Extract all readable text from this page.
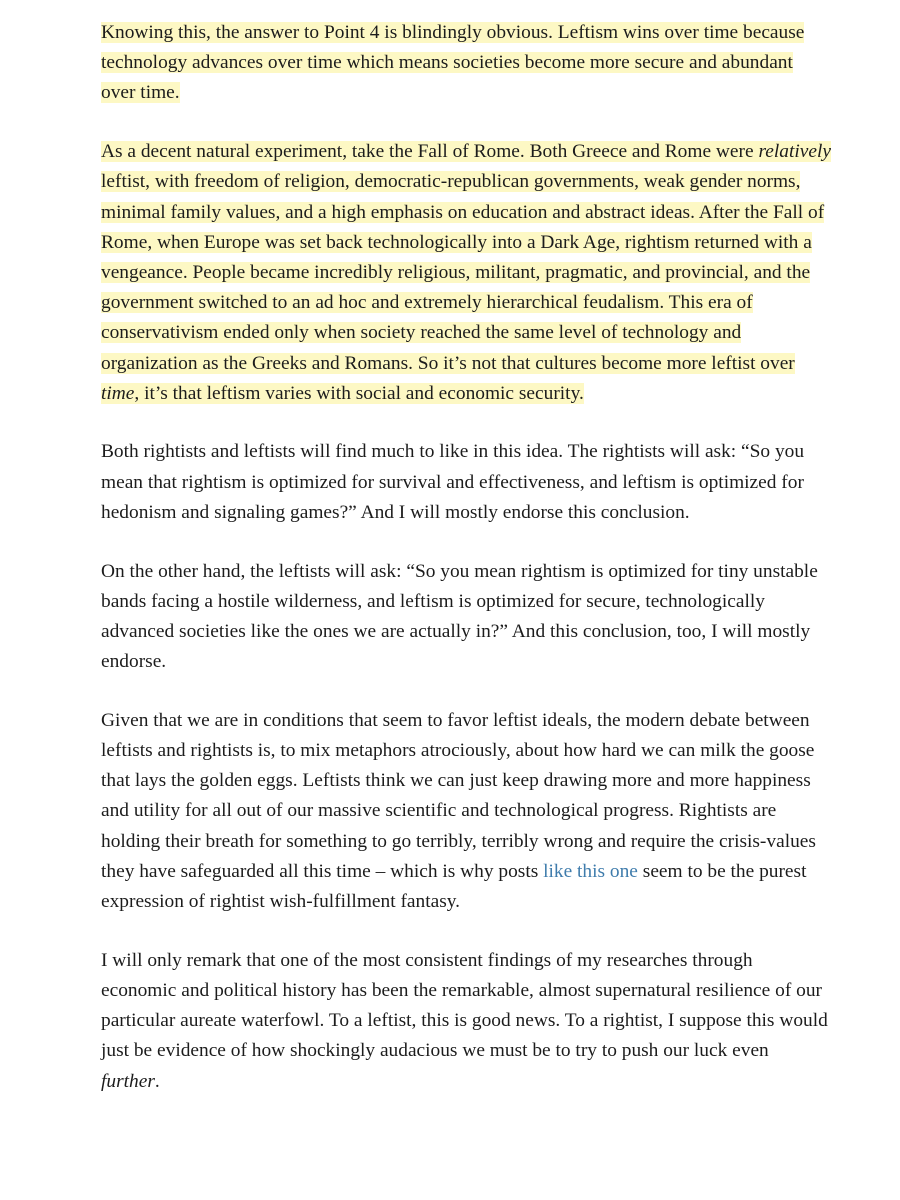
Knowing this, the answer to Point 4 is blindingly obvious. Leftism wins over time because technology advances over time which means societies become more secure and abundant over time.

As a decent natural experiment, take the Fall of Rome. Both Greece and Rome were relatively leftist, with freedom of religion, democratic-republican governments, weak gender norms, minimal family values, and a high emphasis on education and abstract ideas. After the Fall of Rome, when Europe was set back technologically into a Dark Age, rightism returned with a vengeance. People became incredibly religious, militant, pragmatic, and provincial, and the government switched to an ad hoc and extremely hierarchical feudalism. This era of conservativism ended only when society reached the same level of technology and organization as the Greeks and Romans. So it’s not that cultures become more leftist over time, it’s that leftism varies with social and economic security.

Both rightists and leftists will find much to like in this idea. The rightists will ask: “So you mean that rightism is optimized for survival and effectiveness, and leftism is optimized for hedonism and signaling games?” And I will mostly endorse this conclusion.

On the other hand, the leftists will ask: “So you mean rightism is optimized for tiny unstable bands facing a hostile wilderness, and leftism is optimized for secure, technologically advanced societies like the ones we are actually in?” And this conclusion, too, I will mostly endorse.

Given that we are in conditions that seem to favor leftist ideals, the modern debate between leftists and rightists is, to mix metaphors atrociously, about how hard we can milk the goose that lays the golden eggs. Leftists think we can just keep drawing more and more happiness and utility for all out of our massive scientific and technological progress. Rightists are holding their breath for something to go terribly, terribly wrong and require the crisis-values they have safeguarded all this time – which is why posts like this one seem to be the purest expression of rightist wish-fulfillment fantasy.

I will only remark that one of the most consistent findings of my researches through economic and political history has been the remarkable, almost supernatural resilience of our particular aureate waterfowl. To a leftist, this is good news. To a rightist, I suppose this would just be evidence of how shockingly audacious we must be to try to push our luck even further.
